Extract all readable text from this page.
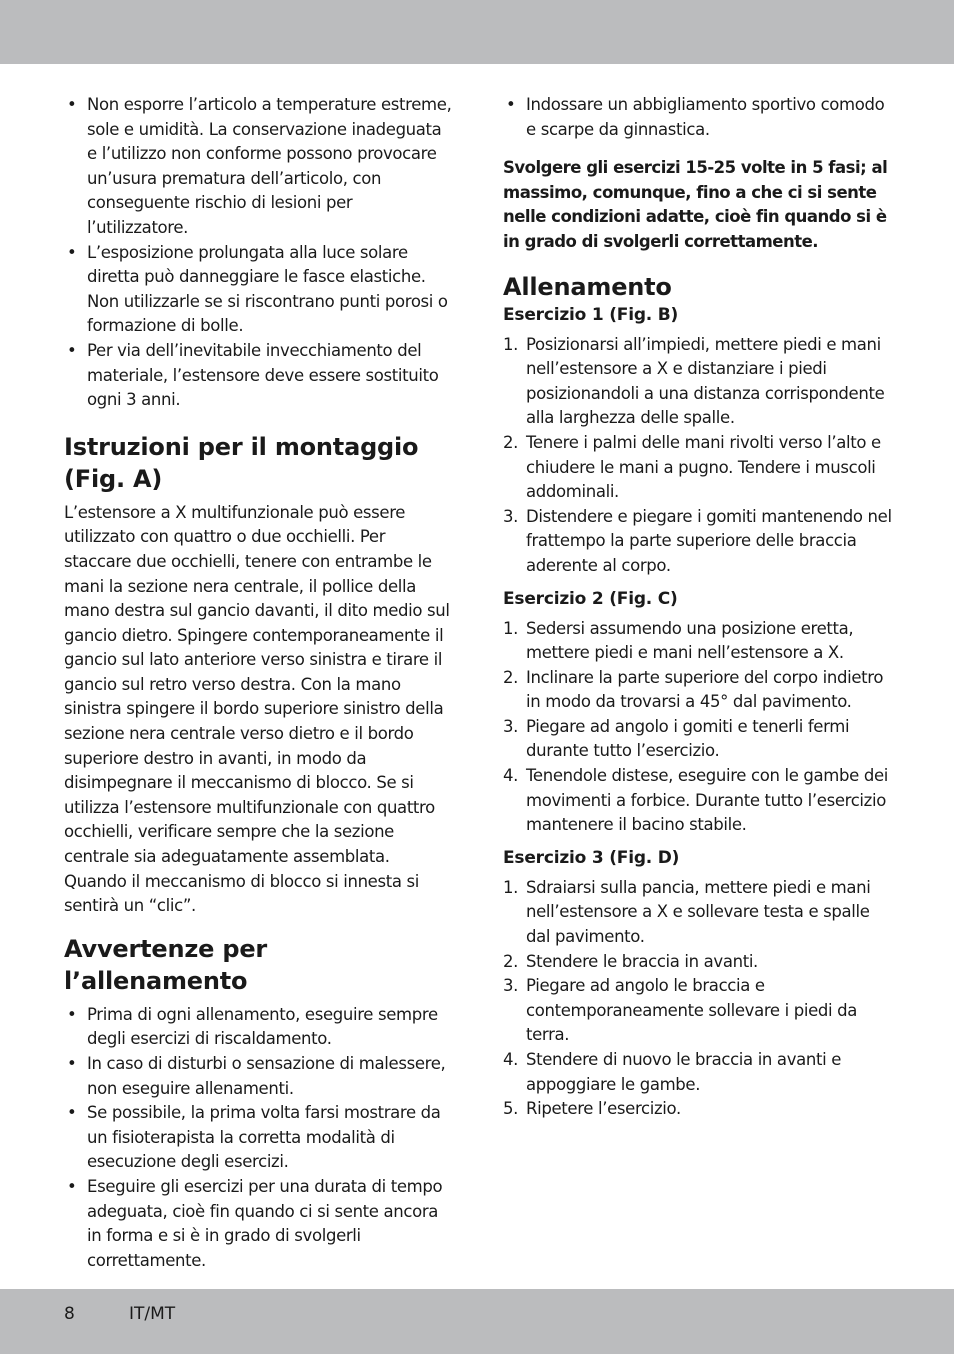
• Non esporre l’articolo a temperature estreme, sole e umidità. La conservazione inadeguata e l’utilizzo non conforme possono provocare un’usura prematura dell’articolo, con conseguente rischio di lesioni per l’utilizzatore.
• L’esposizione prolungata alla luce solare diretta può danneggiare le fasce elastiche. Non utilizzarle se si riscontrano punti porosi o formazione di bolle.
• Per via dell’inevitabile invecchiamento del materiale, l’estensore deve essere sostituito ogni 3 anni.
Istruzioni per il montaggio (Fig. A)

L’estensore a X multifunzionale può essere utilizzato con quattro o due occhielli. Per staccare due occhielli, tenere con entrambe le mani la sezione nera centrale, il pollice della mano destra sul gancio davanti, il dito medio sul gancio dietro. Spingere contemporaneamente il gancio sul lato anteriore verso sinistra e tirare il gancio sul retro verso destra. Con la mano sinistra spingere il bordo superiore sinistro della sezione nera centrale verso dietro e il bordo superiore destro in avanti, in modo da disimpegnare il meccanismo di blocco. Se si utilizza l’estensore multifunzionale con quattro occhielli, verificare sempre che la sezione centrale sia adeguatamente assemblata. Quando il meccanismo di blocco si innesta si sentirà un “clic”.

Avvertenze per l’allenamento
• Prima di ogni allenamento, eseguire sempre degli esercizi di riscaldamento.
• In caso di disturbi o sensazione di malessere, non eseguire allenamenti.
• Se possibile, la prima volta farsi mostrare da un fisioterapista la corretta modalità di esecuzione degli esercizi.
• Eseguire gli esercizi per una durata di tempo adeguata, cioè fin quando ci si sente ancora in forma e si è in grado di svolgerli correttamente.
• Indossare un abbigliamento sportivo comodo e scarpe da ginnastica.

Svolgere gli esercizi 15-25 volte in 5 fasi; al massimo, comunque, fino a che ci si sente nelle condizioni adatte, cioè fin quando si è in grado di svolgerli correttamente.

Allenamento
Esercizio 1 (Fig. B)
1. Posizionarsi all’impiedi, mettere piedi e mani nell’estensore a X e distanziare i piedi posizionandoli a una distanza corrispondente alla larghezza delle spalle.
2. Tenere i palmi delle mani rivolti verso l’alto e chiudere le mani a pugno. Tendere i muscoli addominali.
3. Distendere e piegare i gomiti mantenendo nel frattempo la parte superiore delle braccia aderente al corpo.
Esercizio 2 (Fig. C)
1. Sedersi assumendo una posizione eretta, mettere piedi e mani nell’estensore a X.
2. Inclinare la parte superiore del corpo indietro in modo da trovarsi a 45° dal pavimento.
3. Piegare ad angolo i gomiti e tenerli fermi durante tutto l’esercizio.
4. Tenendole distese, eseguire con le gambe dei movimenti a forbice. Durante tutto l’esercizio mantenere il bacino stabile.
Esercizio 3 (Fig. D)
1. Sdraiarsi sulla pancia, mettere piedi e mani nell’estensore a X e sollevare testa e spalle dal pavimento.
2. Stendere le braccia in avanti.
3. Piegare ad angolo le braccia e contemporaneamente sollevare i piedi da terra.
4. Stendere di nuovo le braccia in avanti e appoggiare le gambe.
5. Ripetere l’esercizio.
8	IT/MT
